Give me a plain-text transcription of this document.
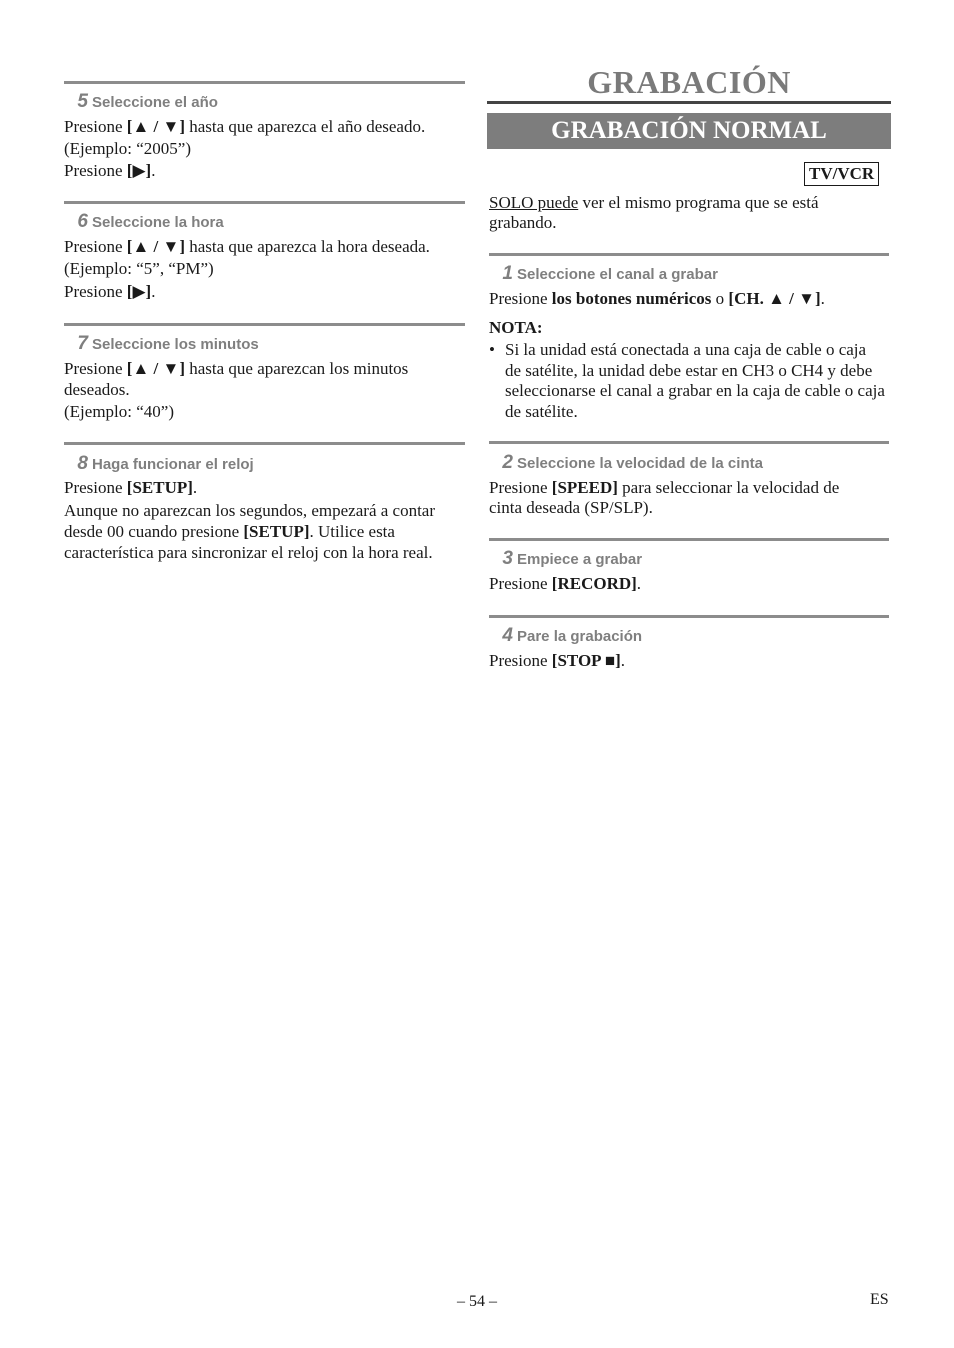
5 Seleccione el año
Presione [▲ / ▼] hasta que aparezca el año deseado.
(Ejemplo: “2005”)
Presione [▶].
6 Seleccione la hora
Presione [▲ / ▼] hasta que aparezca la hora deseada.
(Ejemplo: “5”, “PM”)
Presione [▶].
7 Seleccione los minutos
Presione [▲ / ▼] hasta que aparezcan los minutos
deseados.
(Ejemplo: “40”)
8 Haga funcionar el reloj
Presione [SETUP].
Aunque no aparezcan los segundos, empezará a contar desde 00 cuando presione [SETUP]. Utilice esta característica para sincronizar el reloj con la hora real.
GRABACIÓN
GRABACIÓN NORMAL
TV/VCR
SOLO puede ver el mismo programa que se está
grabando.
1 Seleccione el canal a grabar
Presione los botones numéricos o [CH. ▲ / ▼].
NOTA:
• Si la unidad está conectada a una caja de cable o caja de satélite, la unidad debe estar en CH3 o CH4 y debe seleccionarse el canal a grabar en la caja de cable o caja de satélite.
2 Seleccione la velocidad de la cinta
Presione [SPEED] para seleccionar la velocidad de
cinta deseada (SP/SLP).
3 Empiece a grabar
Presione [RECORD].
4 Pare la grabación
Presione [STOP ■].
– 54 –	ES
